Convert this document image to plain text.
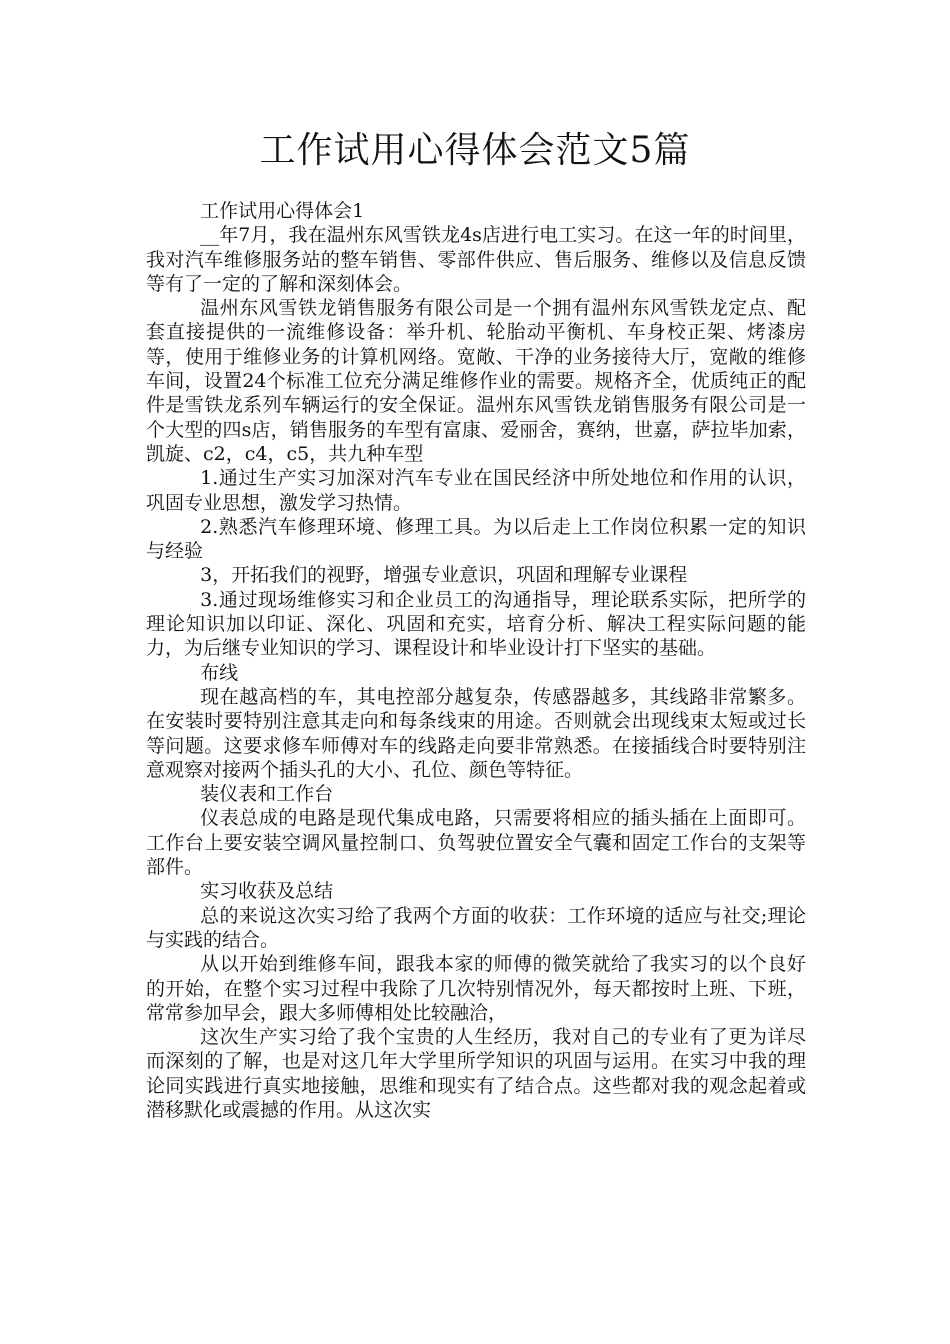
工作试用心得体会范文5篇

工作试用心得体会1

__年7月，我在温州东风雪铁龙4s店进行电工实习。在这一年的时间里，我对汽车维修服务站的整车销售、零部件供应、售后服务、维修以及信息反馈等有了一定的了解和深刻体会。

温州东风雪铁龙销售服务有限公司是一个拥有温州东风雪铁龙定点、配套直接提供的一流维修设备：举升机、轮胎动平衡机、车身校正架、烤漆房等，使用于维修业务的计算机网络。宽敞、干净的业务接待大厅，宽敞的维修车间，设置24个标准工位充分满足维修作业的需要。规格齐全，优质纯正的配件是雪铁龙系列车辆运行的安全保证。温州东风雪铁龙销售服务有限公司是一个大型的四s店，销售服务的车型有富康、爱丽舍，赛纳，世嘉，萨拉毕加索，凯旋、c2，c4，c5，共九种车型

1.通过生产实习加深对汽车专业在国民经济中所处地位和作用的认识，巩固专业思想，激发学习热情。

2.熟悉汽车修理环境、修理工具。为以后走上工作岗位积累一定的知识与经验

3，开拓我们的视野，增强专业意识，巩固和理解专业课程

3.通过现场维修实习和企业员工的沟通指导，理论联系实际，把所学的理论知识加以印证、深化、巩固和充实，培育分析、解决工程实际问题的能力，为后继专业知识的学习、课程设计和毕业设计打下坚实的基础。

布线

现在越高档的车，其电控部分越复杂，传感器越多，其线路非常繁多。在安装时要特别注意其走向和每条线束的用途。否则就会出现线束太短或过长等问题。这要求修车师傅对车的线路走向要非常熟悉。在接插线合时要特别注意观察对接两个插头孔的大小、孔位、颜色等特征。

装仪表和工作台

仪表总成的电路是现代集成电路，只需要将相应的插头插在上面即可。工作台上要安装空调风量控制口、负驾驶位置安全气囊和固定工作台的支架等部件。

实习收获及总结

总的来说这次实习给了我两个方面的收获：工作环境的适应与社交;理论与实践的结合。

从以开始到维修车间，跟我本家的师傅的微笑就给了我实习的以个良好的开始，在整个实习过程中我除了几次特别情况外，每天都按时上班、下班，常常参加早会，跟大多师傅相处比较融洽，

这次生产实习给了我个宝贵的人生经历，我对自己的专业有了更为详尽而深刻的了解，也是对这几年大学里所学知识的巩固与运用。在实习中我的理论同实践进行真实地接触，思维和现实有了结合点。这些都对我的观念起着或潜移默化或震撼的作用。从这次实
